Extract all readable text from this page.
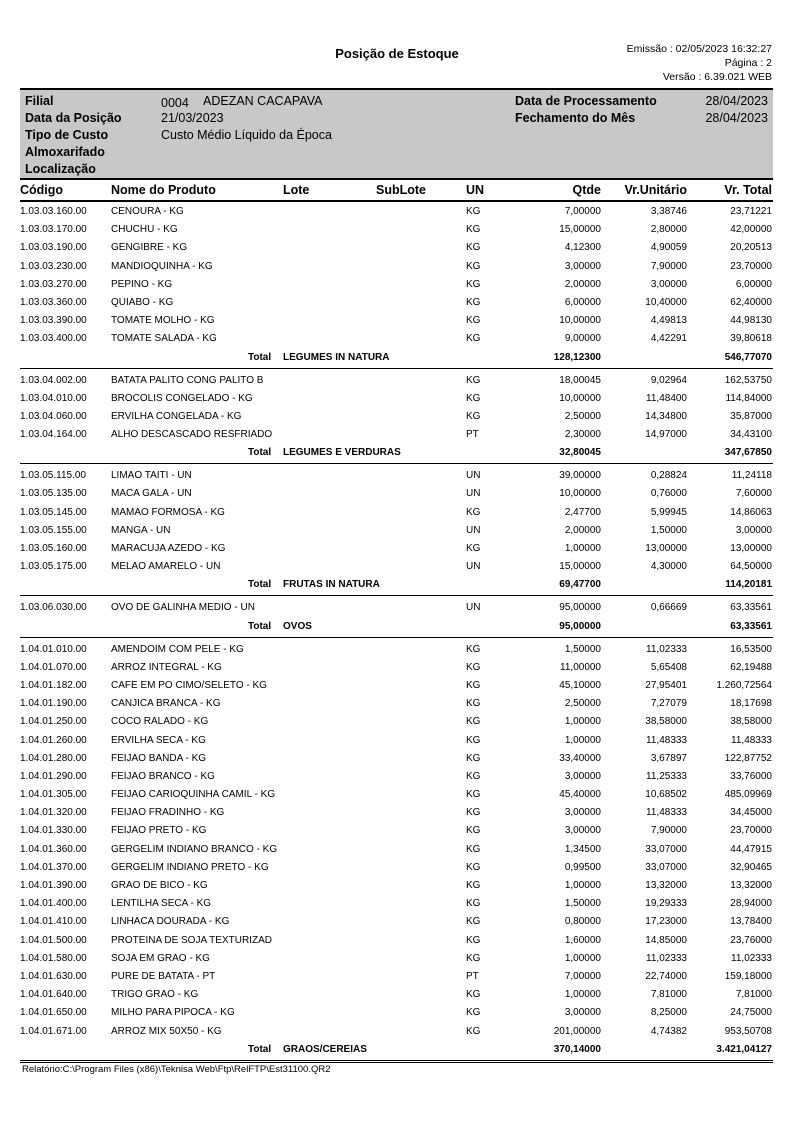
Posição de Estoque	Emissão : 02/05/2023 16:32:27
Página : 2
Versão : 6.39.021 WEB
Filial	0004 ADEZAN CACAPAVA
Data da Posição	21/03/2023
Tipo de Custo	Custo Médio Líquido da Época
Almoxarifado
Localização
Data de Processamento	28/04/2023
Fechamento do Mês	28/04/2023
Código	Nome do Produto	Lote	SubLote	UN	Qtde Vr.Unitário	Vr. Total
1.03.03.160.00 CENOURA - KG	KG	7,00000	3,38746	23,71221
1.03.03.170.00 CHUCHU - KG	KG	15,00000	2,80000	42,00000
1.03.03.190.00 GENGIBRE - KG	KG	4,12300	4,90059	20,20513
1.03.03.230.00 MANDIOQUINHA - KG	KG	3,00000	7,90000	23,70000
1.03.03.270.00 PEPINO - KG	KG	2,00000	3,00000	6,00000
1.03.03.360.00 QUIABO - KG	KG	6,00000	10,40000	62,40000
1.03.03.390.00 TOMATE MOLHO - KG	KG	10,00000	4,49813	44,98130
1.03.03.400.00 TOMATE SALADA - KG	KG	9,00000	4,42291	39,80618
Total LEGUMES IN NATURA	128,12300	546,77070
1.03.04.002.00 BATATA PALITO CONG PALITO B	KG	18,00045	9,02964	162,53750
1.03.04.010.00 BROCOLIS CONGELADO - KG	KG	10,00000	11,48400	114,84000
1.03.04.060.00 ERVILHA CONGELADA - KG	KG	2,50000	14,34800	35,87000
1.03.04.164.00 ALHO DESCASCADO RESFRIADO	PT	2,30000	14,97000	34,43100
Total LEGUMES E VERDURAS	32,80045	347,67850
1.03.05.115.00	LIMAO TAITI - UN	UN	39,00000	0,28824	11,24118
1.03.05.135.00 MACA GALA - UN	UN	10,00000	0,76000	7,60000
1.03.05.145.00 MAMAO FORMOSA - KG	KG	2,47700	5,99945	14,86063
1.03.05.155.00 MANGA - UN	UN	2,00000	1,50000	3,00000
1.03.05.160.00 MARACUJA AZEDO - KG	KG	1,00000	13,00000	13,00000
1.03.05.175.00 MELAO AMARELO - UN	UN	15,00000	4,30000	64,50000
Total FRUTAS IN NATURA	69,47700	114,20181
1.03.06.030.00 OVO DE GALINHA MEDIO - UN	UN	95,00000	0,66669	63,33561
Total OVOS	95,00000	63,33561
1.04.01.010.00 AMENDOIM COM PELE - KG	KG	1,50000	11,02333	16,53500
1.04.01.070.00 ARROZ INTEGRAL - KG	KG	11,00000	5,65408	62,19488
1.04.01.182.00 CAFE EM PO CIMO/SELETO - KG	KG	45,10000	27,95401	1.260,72564
1.04.01.190.00 CANJICA BRANCA - KG	KG	2,50000	7,27079	18,17698
1.04.01.250.00 COCO RALADO - KG	KG	1,00000	38,58000	38,58000
1.04.01.260.00 ERVILHA SECA - KG	KG	1,00000	11,48333	11,48333
1.04.01.280.00 FEIJAO BANDA - KG	KG	33,40000	3,67897	122,87752
1.04.01.290.00 FEIJAO BRANCO - KG	KG	3,00000	11,25333	33,76000
1.04.01.305.00 FEIJAO CARIOQUINHA CAMIL - KG	KG	45,40000	10,68502	485,09969
1.04.01.320.00 FEIJAO FRADINHO - KG	KG	3,00000	11,48333	34,45000
1.04.01.330.00 FEIJAO PRETO - KG	KG	3,00000	7,90000	23,70000
1.04.01.360.00 GERGELIM INDIANO BRANCO - KG	KG	1,34500	33,07000	44,47915
1.04.01.370.00 GERGELIM INDIANO PRETO - KG	KG	0,99500	33,07000	32,90465
1.04.01.390.00 GRAO DE BICO - KG	KG	1,00000	13,32000	13,32000
1.04.01.400.00 LENTILHA SECA - KG	KG	1,50000	19,29333	28,94000
1.04.01.410.00 LINHACA DOURADA - KG	KG	0,80000	17,23000	13,78400
1.04.01.500.00 PROTEINA DE SOJA TEXTURIZAD	KG	1,60000	14,85000	23,76000
1.04.01.580.00 SOJA EM GRAO - KG	KG	1,00000	11,02333	11,02333
1.04.01.630.00 PURE DE BATATA - PT	PT	7,00000	22,74000	159,18000
1.04.01.640.00 TRIGO GRAO - KG	KG	1,00000	7,81000	7,81000
1.04.01.650.00 MILHO PARA PIPOCA - KG	KG	3,00000	8,25000	24,75000
1.04.01.671.00 ARROZ MIX 50X50 - KG	KG	201,00000	4,74382	953,50708
Total GRAOS/CEREIAS	370,14000	3.421,04127
Relatório:C:\Program Files (x86)\Teknisa Web\Ftp\RelFTP\Est31100.QR2
